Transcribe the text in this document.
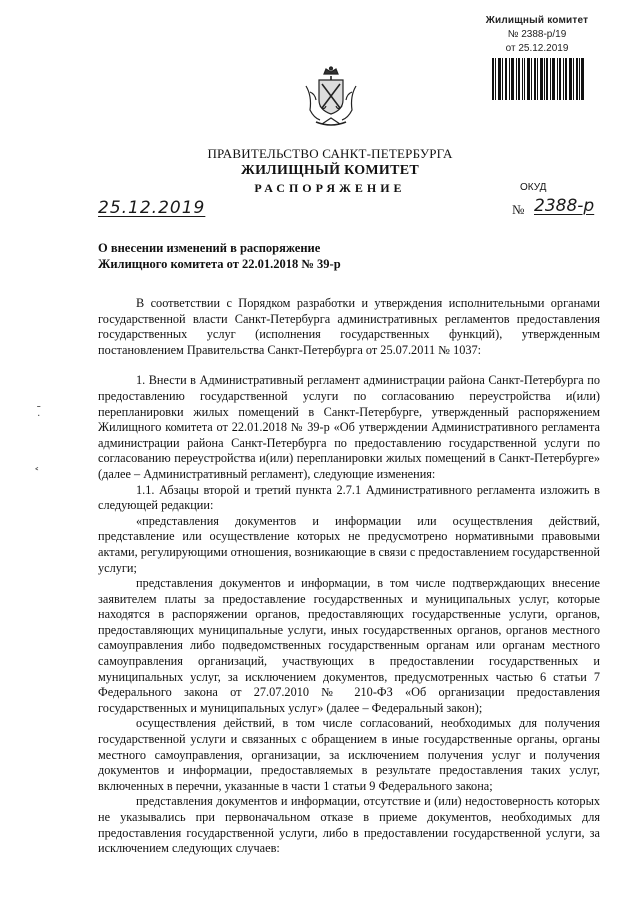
Жилищный комитет
№ 2388-р/19
от 25.12.2019
ПРАВИТЕЛЬСТВО САНКТ-ПЕТЕРБУРГА
ЖИЛИЩНЫЙ КОМИТЕТ
РАСПОРЯЖЕНИЕ	ОКУД
25.12.2019	№ 2388-р
О внесении изменений в распоряжение
Жилищного комитета от 22.01.2018 № 39-р
ˉ̣
˂

В соответствии с Порядком разработки и утверждения исполнительными органами государственной власти Санкт-Петербурга административных регламентов предоставления государственных услуг (исполнения государственных функций), утвержденным постановлением Правительства Санкт-Петербурга от 25.07.2011 № 1037:

1. Внести в Административный регламент администрации района Санкт-Петербурга по предоставлению государственной услуги по согласованию переустройства и(или) перепланировки жилых помещений в Санкт-Петербурге, утвержденный распоряжением Жилищного комитета от 22.01.2018 № 39-р «Об утверждении Административного регламента администрации района Санкт-Петербурга по предоставлению государственной услуги по согласованию переустройства и(или) перепланировки жилых помещений в Санкт-Петербурге» (далее – Административный регламент), следующие изменения:

1.1. Абзацы второй и третий пункта 2.7.1 Административного регламента изложить в следующей редакции:

«представления документов и информации или осуществления действий, представление или осуществление которых не предусмотрено нормативными правовыми актами, регулирующими отношения, возникающие в связи с предоставлением государственной услуги;

представления документов и информации, в том числе подтверждающих внесение заявителем платы за предоставление государственных и муниципальных услуг, которые находятся в распоряжении органов, предоставляющих государственные услуги, органов, предоставляющих муниципальные услуги, иных государственных органов, органов местного самоуправления либо подведомственных государственным органам или органам местного самоуправления организаций, участвующих в предоставлении государственных и муниципальных услуг, за исключением документов, предусмотренных частью 6 статьи 7 Федерального закона от 27.07.2010 № 210-ФЗ «Об организации предоставления государственных и муниципальных услуг» (далее – Федеральный закон);

осуществления действий, в том числе согласований, необходимых для получения государственной услуги и связанных с обращением в иные государственные органы, органы местного самоуправления, организации, за исключением получения услуг и получения документов и информации, предоставляемых в результате предоставления таких услуг, включенных в перечни, указанные в части 1 статьи 9 Федерального закона;

представления документов и информации, отсутствие и (или) недостоверность которых не указывались при первоначальном отказе в приеме документов, необходимых для предоставления государственной услуги, либо в предоставлении государственной услуги, за исключением следующих случаев:
